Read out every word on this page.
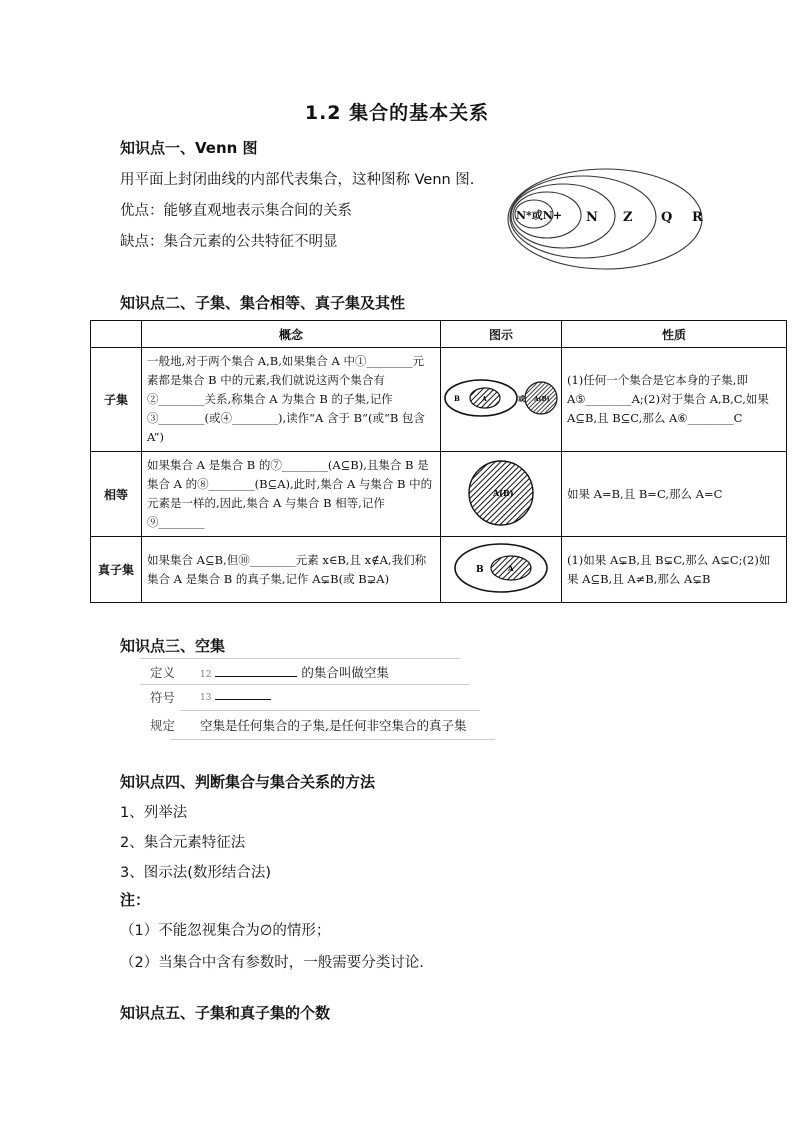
1.2 集合的基本关系
知识点一、Venn 图
用平面上封闭曲线的内部代表集合，这种图称 Venn 图.
优点：能够直观地表示集合间的关系
缺点：集合元素的公共特征不明显
N*或N+ N Z Q R
知识点二、子集、集合相等、真子集及其性
	概念	图示	性质
子集	一般地,对于两个集合 A,B,如果集合 A 中①________元素都是集合 B 中的元素,我们就说这两个集合有②________关系,称集合 A 为集合 B 的子集,记作③________(或④________),读作“A 含于 B”(或“B 包含 A”)	B A 或 A(B)	(1)任何一个集合是它本身的子集,即 A⑤________A;(2)对于集合 A,B,C,如果 A⊆B,且 B⊆C,那么 A⑥________C
相等	如果集合 A 是集合 B 的⑦________(A⊆B),且集合 B 是集合 A 的⑧________(B⊆A),此时,集合 A 与集合 B 中的元素是一样的,因此,集合 A 与集合 B 相等,记作⑨________	A(B)	如果 A=B,且 B=C,那么 A=C
真子集	如果集合 A⊆B,但⑩________元素 x∈B,且 x∉A,我们称集合 A 是集合 B 的真子集,记作 A⊊B(或 B⊋A)	B A	(1)如果 A⊊B,且 B⊊C,那么 A⊊C;(2)如果 A⊆B,且 A≠B,那么 A⊊B
知识点三、空集
定义	12	的集合叫做空集
符号	13
规定 空集是任何集合的子集,是任何非空集合的真子集
知识点四、判断集合与集合关系的方法
1、列举法
2、集合元素特征法
3、图示法(数形结合法)
注：
（1）不能忽视集合为∅的情形；
（2）当集合中含有参数时，一般需要分类讨论.
知识点五、子集和真子集的个数
